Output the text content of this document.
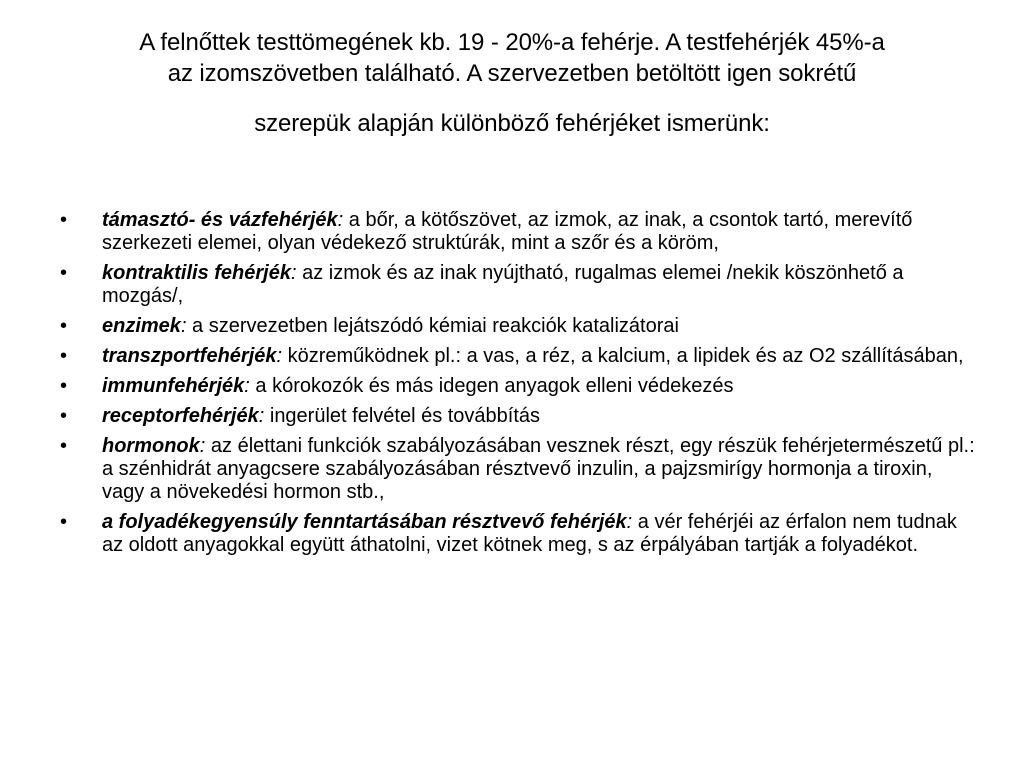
A felnőttek testtömegének kb. 19 - 20%-a fehérje. A testfehérjék 45%-a
az izomszövetben található. A szervezetben betöltött igen sokrétű
szerepük alapján különböző fehérjéket ismerünk:
•	támasztó- és vázfehérjék: a bőr, a kötőszövet, az izmok, az inak, a csontok tartó, merevítő szerkezeti elemei, olyan védekező struktúrák, mint a szőr és a köröm,
•	kontraktilis fehérjék: az izmok és az inak nyújtható, rugalmas elemei /nekik köszönhető a mozgás/,
•	enzimek: a szervezetben lejátszódó kémiai reakciók katalizátorai
•	transzportfehérjék: közreműködnek pl.: a vas, a réz, a kalcium, a lipidek és az O2 szállításában,
•	immunfehérjék: a kórokozók és más idegen anyagok elleni védekezés
•	receptorfehérjék: ingerület felvétel és továbbítás
•	hormonok: az élettani funkciók szabályozásában vesznek részt, egy részük fehérjetermészetű pl.: a szénhidrát anyagcsere szabályozásában résztvevő inzulin, a pajzsmirígy hormonja a tiroxin, vagy a növekedési hormon stb.,
•	a folyadékegyensúly fenntartásában résztvevő fehérjék: a vér fehérjéi az érfalon nem tudnak az oldott anyagokkal együtt áthatolni, vizet kötnek meg, s az érpályában tartják a folyadékot.
